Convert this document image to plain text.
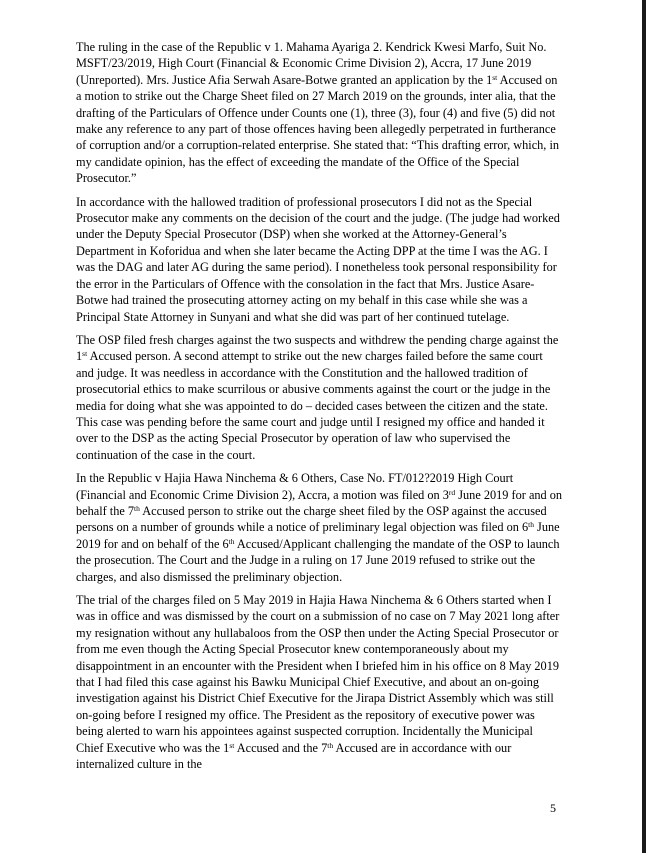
The ruling in the case of the Republic v 1. Mahama Ayariga 2. Kendrick Kwesi Marfo, Suit No. MSFT/23/2019, High Court (Financial & Economic Crime Division 2), Accra, 17 June 2019 (Unreported). Mrs. Justice Afia Serwah Asare-Botwe granted an application by the 1st Accused on a motion to strike out the Charge Sheet filed on 27 March 2019 on the grounds, inter alia, that the drafting of the Particulars of Offence under Counts one (1), three (3), four (4) and five (5) did not make any reference to any part of those offences having been allegedly perpetrated in furtherance of corruption and/or a corruption-related enterprise. She stated that: “This drafting error, which, in my candidate opinion, has the effect of exceeding the mandate of the Office of the Special Prosecutor.”

In accordance with the hallowed tradition of professional prosecutors I did not as the Special Prosecutor make any comments on the decision of the court and the judge. (The judge had worked under the Deputy Special Prosecutor (DSP) when she worked at the Attorney-General’s Department in Koforidua and when she later became the Acting DPP at the time I was the AG. I was the DAG and later AG during the same period). I nonetheless took personal responsibility for the error in the Particulars of Offence with the consolation in the fact that Mrs. Justice Asare-Botwe had trained the prosecuting attorney acting on my behalf in this case while she was a Principal State Attorney in Sunyani and what she did was part of her continued tutelage.

The OSP filed fresh charges against the two suspects and withdrew the pending charge against the 1st Accused person. A second attempt to strike out the new charges failed before the same court and judge. It was needless in accordance with the Constitution and the hallowed tradition of prosecutorial ethics to make scurrilous or abusive comments against the court or the judge in the media for doing what she was appointed to do – decided cases between the citizen and the state. This case was pending before the same court and judge until I resigned my office and handed it over to the DSP as the acting Special Prosecutor by operation of law who supervised the continuation of the case in the court.

In the Republic v Hajia Hawa Ninchema & 6 Others, Case No. FT/012?2019 High Court (Financial and Economic Crime Division 2), Accra, a motion was filed on 3rd June 2019 for and on behalf the 7th Accused person to strike out the charge sheet filed by the OSP against the accused persons on a number of grounds while a notice of preliminary legal objection was filed on 6th June 2019 for and on behalf of the 6th Accused/Applicant challenging the mandate of the OSP to launch the prosecution. The Court and the Judge in a ruling on 17 June 2019 refused to strike out the charges, and also dismissed the preliminary objection.

The trial of the charges filed on 5 May 2019 in Hajia Hawa Ninchema & 6 Others started when I was in office and was dismissed by the court on a submission of no case on 7 May 2021 long after my resignation without any hullabaloos from the OSP then under the Acting Special Prosecutor or from me even though the Acting Special Prosecutor knew contemporaneously about my disappointment in an encounter with the President when I briefed him in his office on 8 May 2019 that I had filed this case against his Bawku Municipal Chief Executive, and about an on-going investigation against his District Chief Executive for the Jirapa District Assembly which was still on-going before I resigned my office. The President as the repository of executive power was being alerted to warn his appointees against suspected corruption. Incidentally the Municipal Chief Executive who was the 1st Accused and the 7th Accused are in accordance with our internalized culture in the

5
